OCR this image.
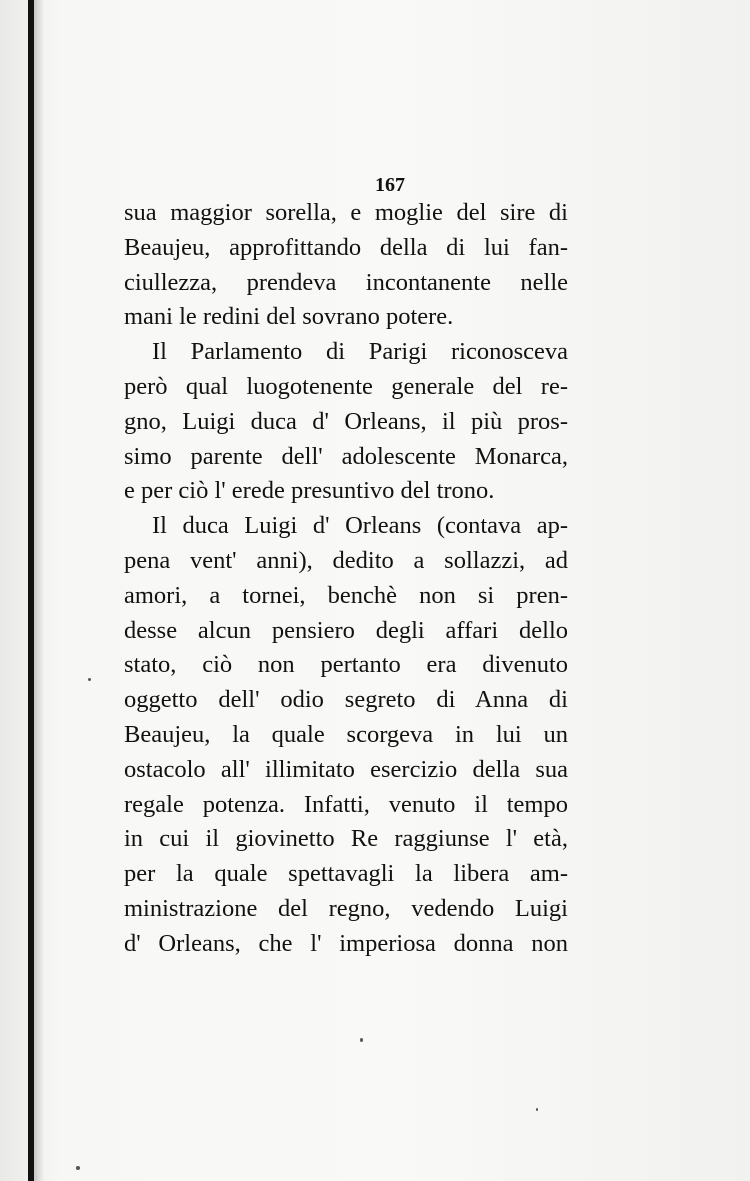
167
sua maggior sorella, e moglie del sire di
Beaujeu, approfittando della di lui fan-
ciullezza, prendeva incontanente nelle
mani le redini del sovrano potere.
Il Parlamento di Parigi riconosceva
però qual luogotenente generale del re-
gno, Luigi duca d' Orleans, il più pros-
simo parente dell' adolescente Monarca,
e per ciò l' erede presuntivo del trono.
Il duca Luigi d' Orleans (contava ap-
pena vent' anni), dedito a sollazzi, ad
amori, a tornei, benchè non si pren-
desse alcun pensiero degli affari dello
stato, ciò non pertanto era divenuto
oggetto dell' odio segreto di Anna di
Beaujeu, la quale scorgeva in lui un
ostacolo all' illimitato esercizio della sua
regale potenza. Infatti, venuto il tempo
in cui il giovinetto Re raggiunse l' età,
per la quale spettavagli la libera am-
ministrazione del regno, vedendo Luigi
d' Orleans, che l' imperiosa donna non
